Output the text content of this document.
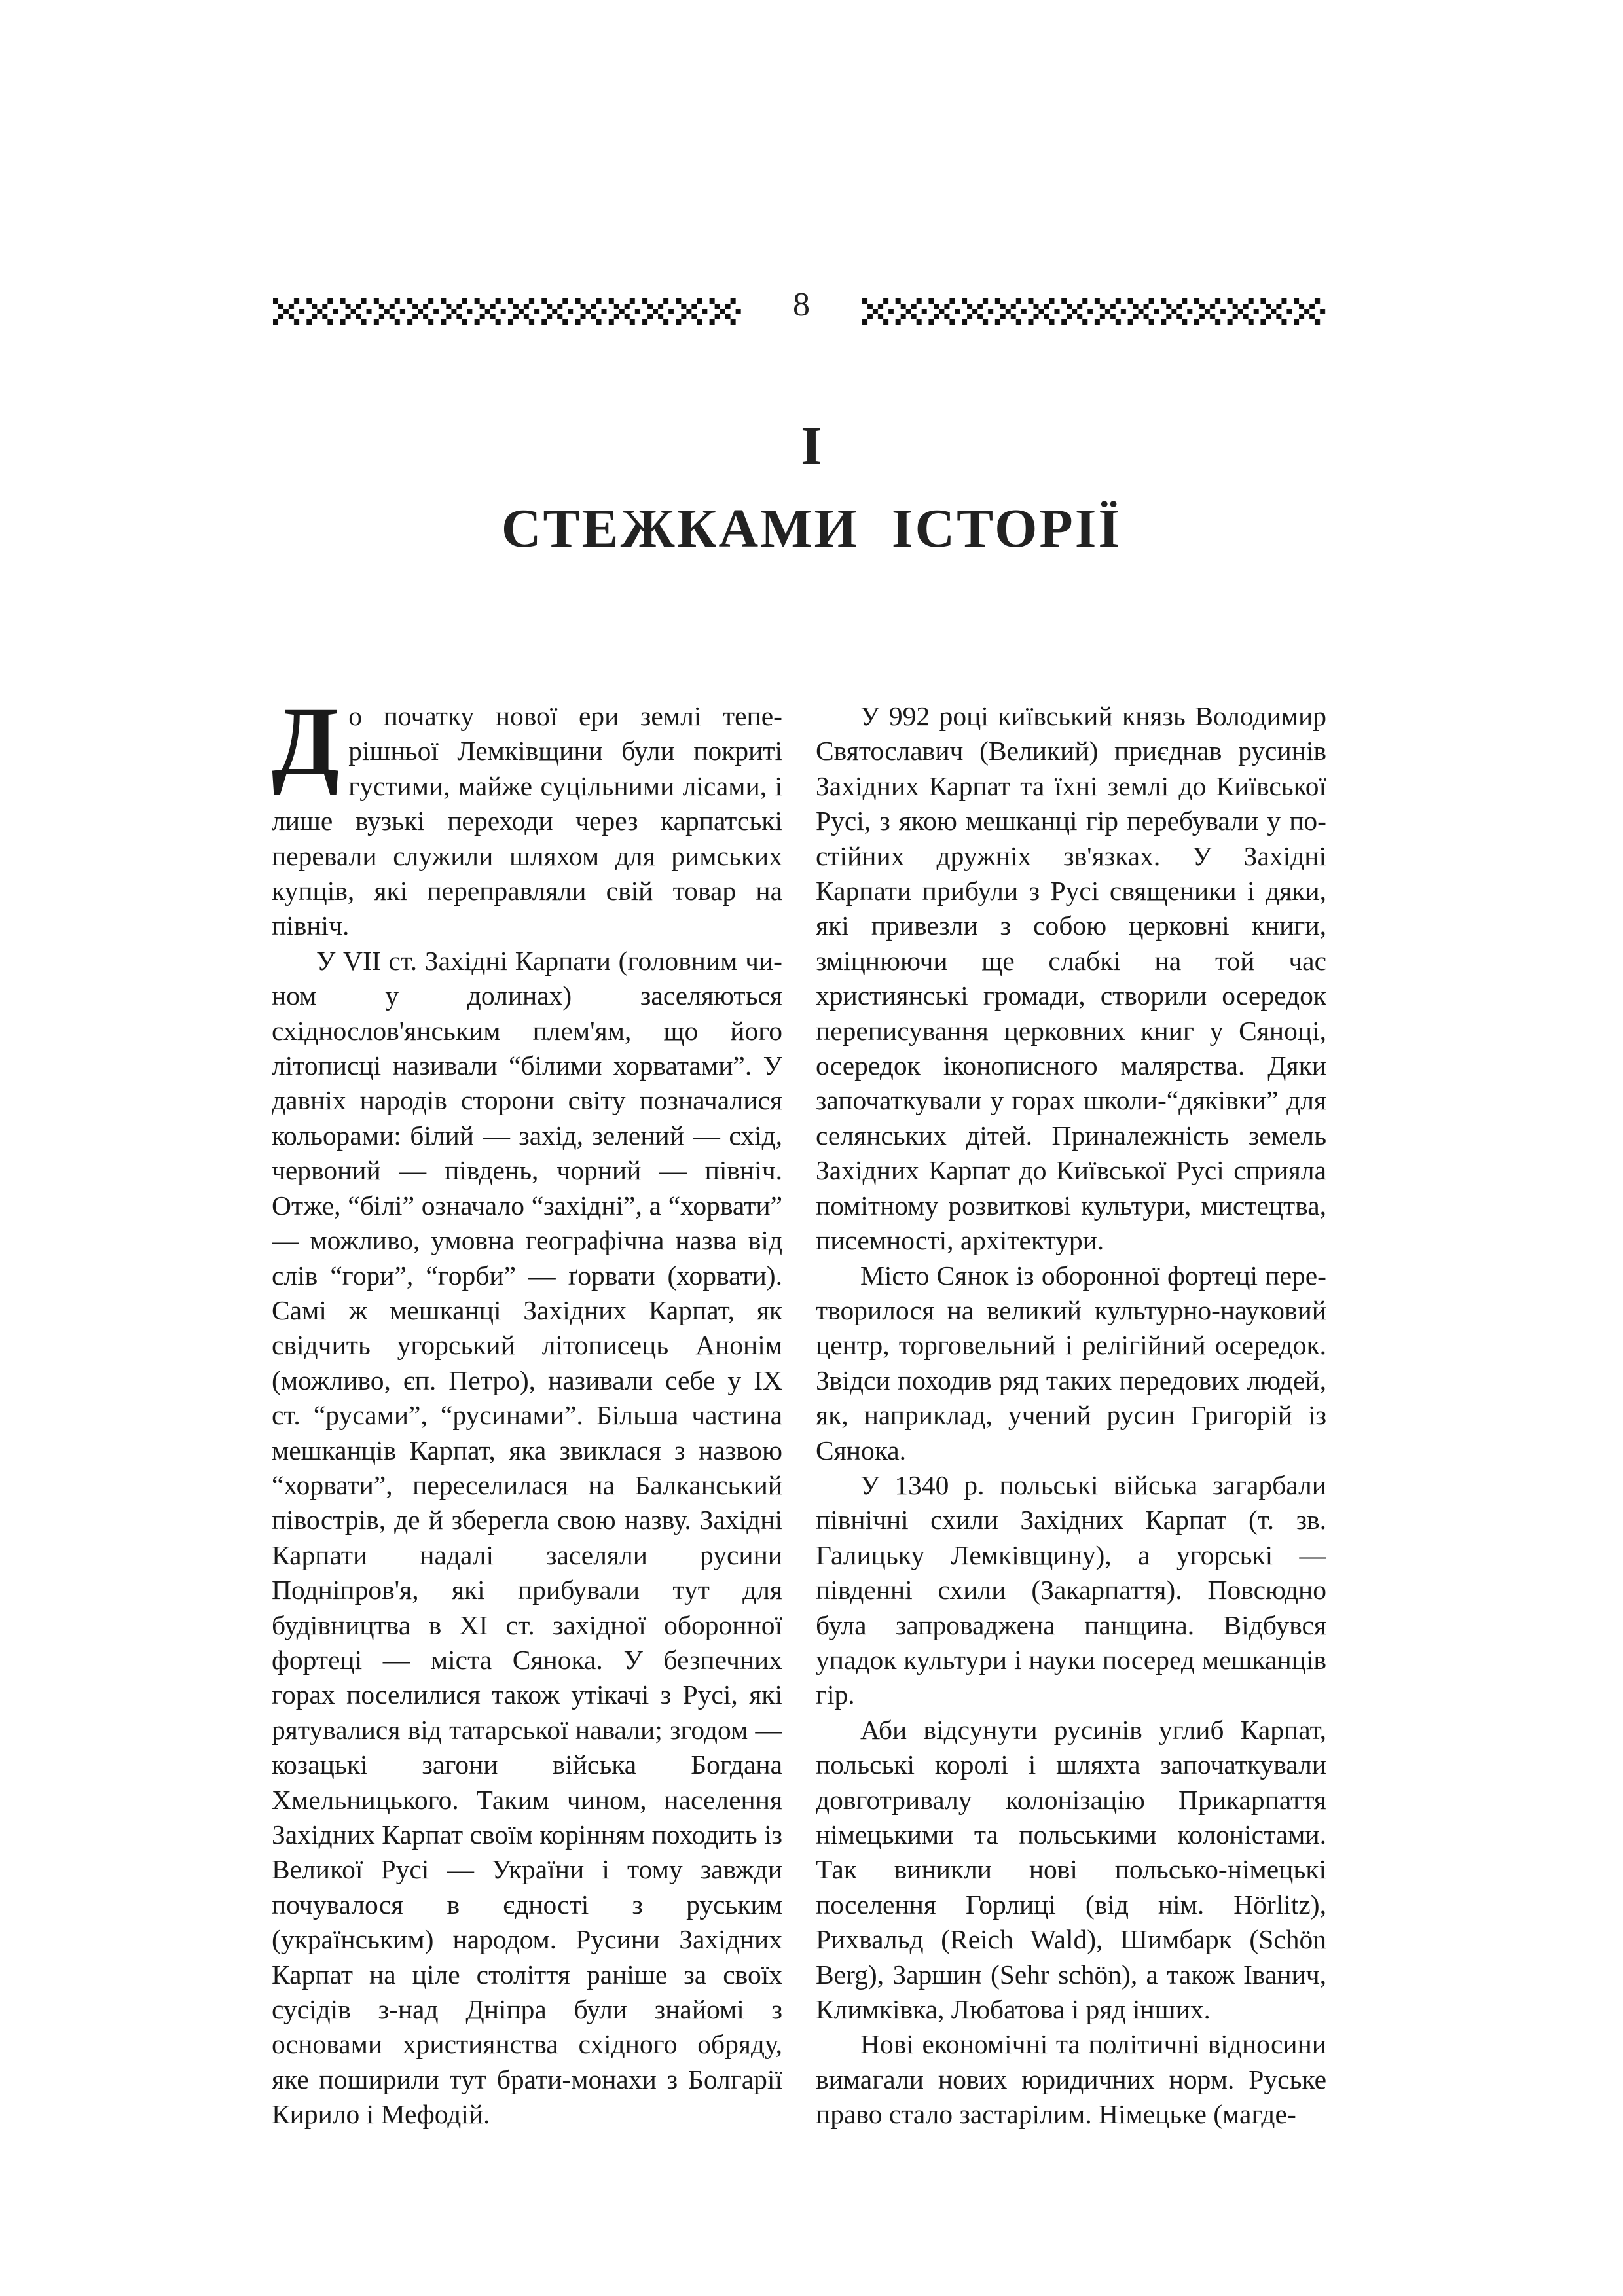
8
I
СТЕЖКАМИ ІСТОРІЇ

До початку нової ери землі теперішньої Лемківщини були покриті густими, майже суцільними лісами, і лише вузькі переходи через карпатські перевали служили шляхом для римських купців, які переправляли свій товар на північ.

У VII ст. Західні Карпати (головним чином у долинах) заселяються східнослов'янським плем'ям, що його літописці називали “білими хорватами”. У давніх народів сторони світу позначалися кольорами: білий — захід, зелений — схід, червоний — південь, чорний — північ. Отже, “білі” означало “західні”, а “хорвати” — можливо, умовна географічна назва від слів “гори”, “горби” — ґорвати (хорвати). Самі ж мешканці Західних Карпат, як свідчить угорський літописець Анонім (можливо, єп. Петро), називали себе у IX ст. “русами”, “русинами”. Більша частина мешканців Карпат, яка звиклася з назвою “хорвати”, переселилася на Балканський півострів, де й зберегла свою назву. Західні Карпати надалі заселяли русини Подніпров'я, які прибували тут для будівництва в XI ст. західної оборонної фортеці — міста Сянока. У безпечних горах поселилися також утікачі з Русі, які рятувалися від татарської навали; згодом — козацькі загони війська Богдана Хмельницького. Таким чином, населення Західних Карпат своїм корінням походить із Великої Русі — України і тому завжди почувалося в єдності з руським (українським) народом. Русини Західних Карпат на ціле століття раніше за своїх сусідів з-над Дніпра були знайомі з основами християнства східного обряду, яке поширили тут брати-монахи з Болгарії Кирило і Мефодій.

У 992 році київський князь Володимир Святославич (Великий) приєднав русинів Західних Карпат та їхні землі до Київської Русі, з якою мешканці гір перебували у постійних дружніх зв'язках. У Західні Карпати прибули з Русі священики і дяки, які привезли з собою церковні книги, зміцнюючи ще слабкі на той час християнські громади, створили осередок переписування церковних книг у Сяноці, осередок іконописного малярства. Дяки започаткували у горах школи-“дяківки” для селянських дітей. Приналежність земель Західних Карпат до Київської Русі сприяла помітному розвиткові культури, мистецтва, писемності, архітектури.

Місто Сянок із оборонної фортеці перетворилося на великий культурно-науковий центр, торговельний і релігійний осередок. Звідси походив ряд таких передових людей, як, наприклад, учений русин Григорій із Сянока.

У 1340 р. польські війська загарбали північні схили Західних Карпат (т. зв. Галицьку Лемківщину), а угорські — південні схили (Закарпаття). Повсюдно була запроваджена панщина. Відбувся упадок культури і науки посеред мешканців гір.

Аби відсунути русинів углиб Карпат, польські королі і шляхта започаткували довготривалу колонізацію Прикарпаття німецькими та польськими колоністами. Так виникли нові польсько-німецькі поселення Горлиці (від нім. Hörlitz), Рихвальд (Reich Wald), Шимбарк (Schön Berg), Заршин (Sehr schön), а також Іванич, Климківка, Любатова і ряд інших.

Нові економічні та політичні відносини вимагали нових юридичних норм. Руське право стало застарілим. Німецьке (магде-
